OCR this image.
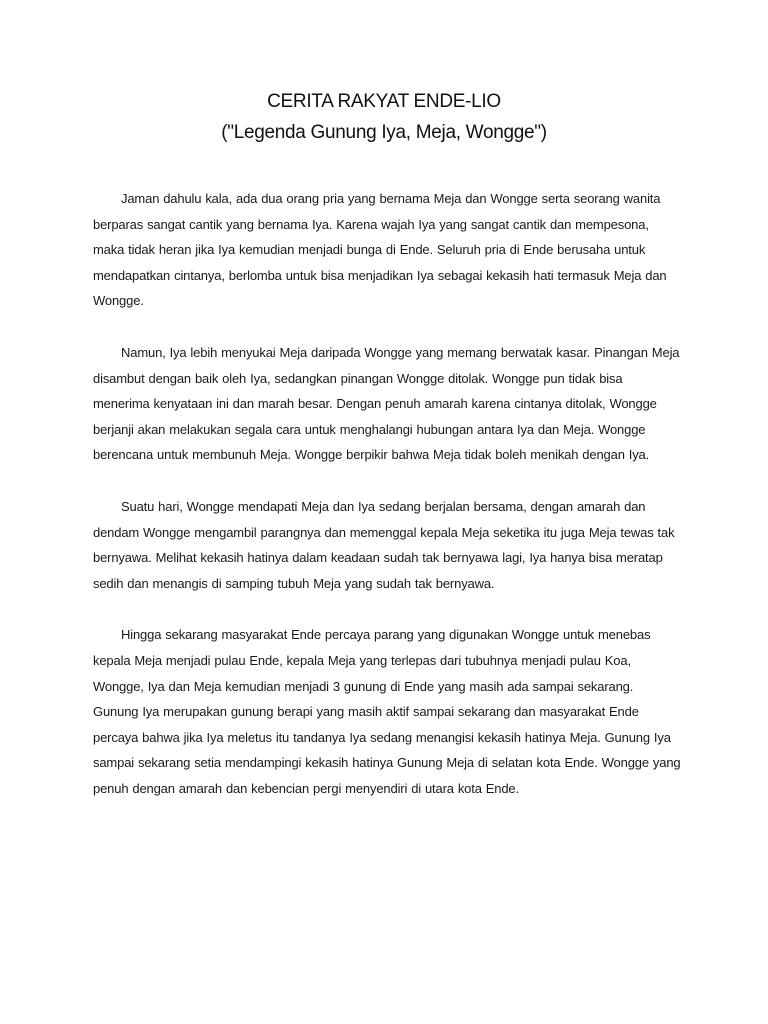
CERITA RAKYAT ENDE-LIO
("Legenda Gunung Iya, Meja, Wongge")

Jaman dahulu kala, ada dua orang pria yang bernama Meja dan Wongge serta seorang wanita
berparas sangat cantik yang bernama Iya. Karena wajah Iya yang sangat cantik dan mempesona,
maka tidak heran jika Iya kemudian menjadi bunga di Ende. Seluruh pria di Ende berusaha untuk
mendapatkan cintanya, berlomba untuk bisa menjadikan Iya sebagai kekasih hati termasuk Meja dan
Wongge.

Namun, Iya lebih menyukai Meja daripada Wongge yang memang berwatak kasar. Pinangan Meja
disambut dengan baik oleh Iya, sedangkan pinangan Wongge ditolak. Wongge pun tidak bisa
menerima kenyataan ini dan marah besar. Dengan penuh amarah karena cintanya ditolak, Wongge
berjanji akan melakukan segala cara untuk menghalangi hubungan antara Iya dan Meja. Wongge
berencana untuk membunuh Meja. Wongge berpikir bahwa Meja tidak boleh menikah dengan Iya.

Suatu hari, Wongge mendapati Meja dan Iya sedang berjalan bersama, dengan amarah dan
dendam Wongge mengambil parangnya dan memenggal kepala Meja seketika itu juga Meja tewas tak
bernyawa. Melihat kekasih hatinya dalam keadaan sudah tak bernyawa lagi, Iya hanya bisa meratap
sedih dan menangis di samping tubuh Meja yang sudah tak bernyawa.

Hingga sekarang masyarakat Ende percaya parang yang digunakan Wongge untuk menebas
kepala Meja menjadi pulau Ende, kepala Meja yang terlepas dari tubuhnya menjadi pulau Koa,
Wongge, Iya dan Meja kemudian menjadi 3 gunung di Ende yang masih ada sampai sekarang.
Gunung Iya merupakan gunung berapi yang masih aktif sampai sekarang dan masyarakat Ende
percaya bahwa jika Iya meletus itu tandanya Iya sedang menangisi kekasih hatinya Meja. Gunung Iya
sampai sekarang setia mendampingi kekasih hatinya Gunung Meja di selatan kota Ende. Wongge yang
penuh dengan amarah dan kebencian pergi menyendiri di utara kota Ende.
